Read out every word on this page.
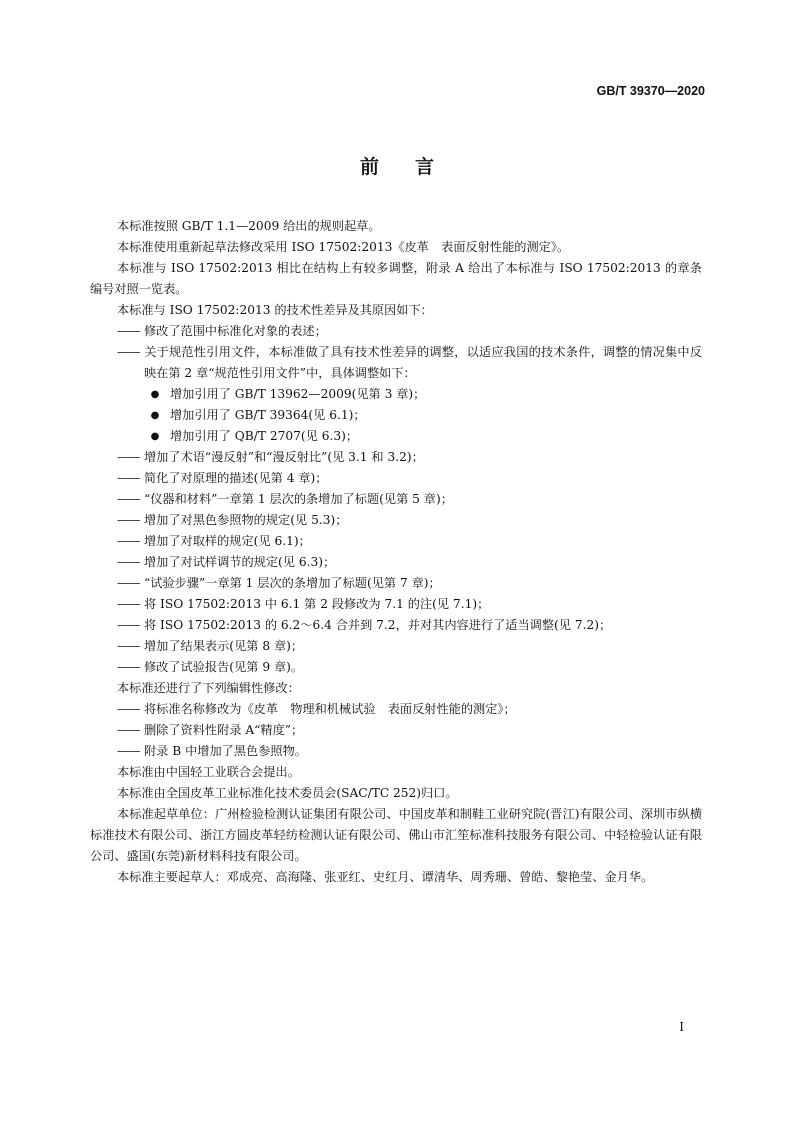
GB/T 39370—2020
前言

本标准按照 GB/T 1.1—2009 给出的规则起草。

本标准使用重新起草法修改采用 ISO 17502:2013《皮革　表面反射性能的测定》。

本标准与 ISO 17502:2013 相比在结构上有较多调整，附录 A 给出了本标准与 ISO 17502:2013 的章条编号对照一览表。

本标准与 ISO 17502:2013 的技术性差异及其原因如下：

—— 修改了范围中标准化对象的表述；

—— 关于规范性引用文件，本标准做了具有技术性差异的调整，以适应我国的技术条件，调整的情况集中反映在第 2 章“规范性引用文件”中，具体调整如下：

● 增加引用了 GB/T 13962—2009(见第 3 章)；

● 增加引用了 GB/T 39364(见 6.1)；

● 增加引用了 QB/T 2707(见 6.3)；

—— 增加了术语“漫反射”和“漫反射比”(见 3.1 和 3.2)；

—— 简化了对原理的描述(见第 4 章)；

—— “仪器和材料”一章第 1 层次的条增加了标题(见第 5 章)；

—— 增加了对黑色参照物的规定(见 5.3)；

—— 增加了对取样的规定(见 6.1)；

—— 增加了对试样调节的规定(见 6.3)；

—— “试验步骤”一章第 1 层次的条增加了标题(见第 7 章)；

—— 将 ISO 17502:2013 中 6.1 第 2 段修改为 7.1 的注(见 7.1)；

—— 将 ISO 17502:2013 的 6.2～6.4 合并到 7.2，并对其内容进行了适当调整(见 7.2)；

—— 增加了结果表示(见第 8 章)；

—— 修改了试验报告(见第 9 章)。

本标准还进行了下列编辑性修改：

—— 将标准名称修改为《皮革　物理和机械试验　表面反射性能的测定》；

—— 删除了资料性附录 A“精度”；

—— 附录 B 中增加了黑色参照物。

本标准由中国轻工业联合会提出。

本标准由全国皮革工业标准化技术委员会(SAC/TC 252)归口。

本标准起草单位：广州检验检测认证集团有限公司、中国皮革和制鞋工业研究院(晋江)有限公司、深圳市纵横标准技术有限公司、浙江方圆皮革轻纺检测认证有限公司、佛山市汇笙标准科技服务有限公司、中轻检验认证有限公司、盛国(东莞)新材料科技有限公司。

本标准主要起草人：邓成亮、高海隆、张亚红、史红月、谭清华、周秀珊、曾皓、黎艳莹、金月华。

I
